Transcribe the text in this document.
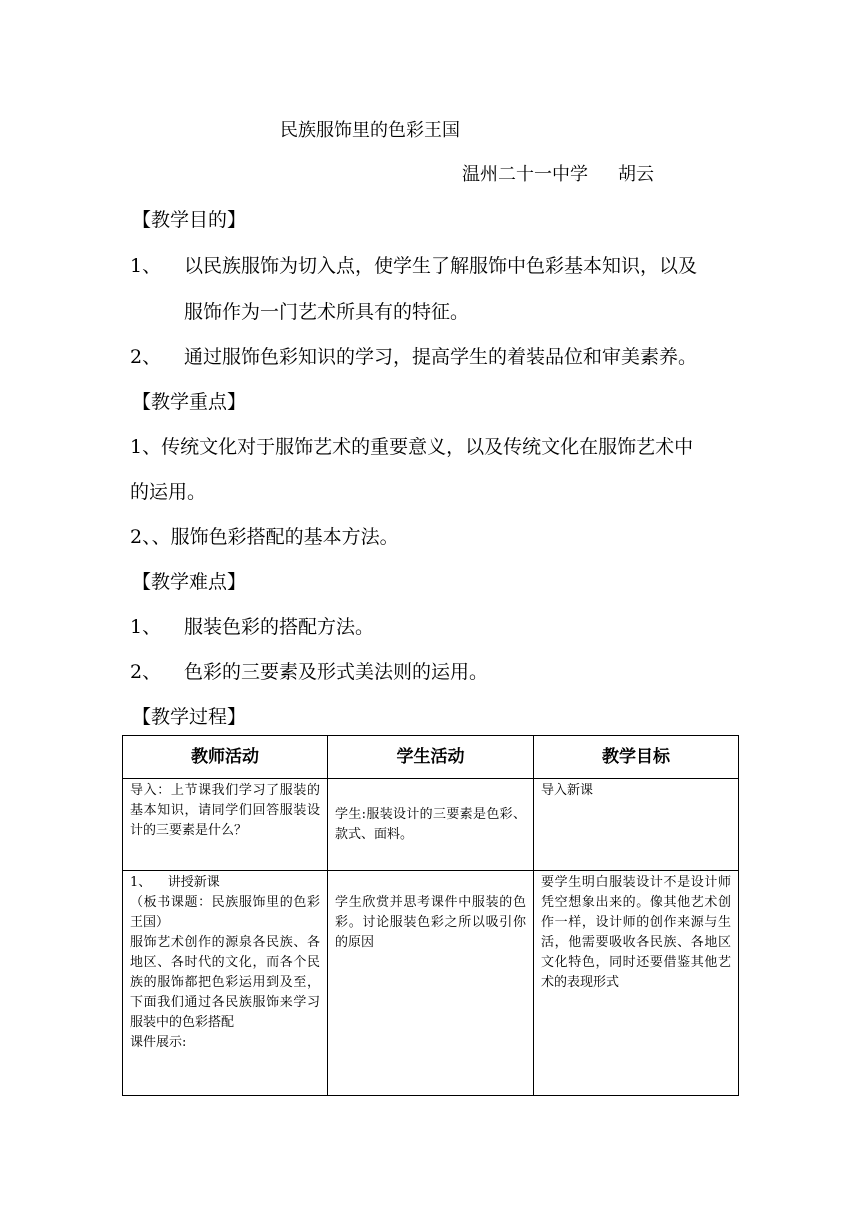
民族服饰里的色彩王国
温州二十一中学 胡云
【教学目的】
1、 以民族服饰为切入点，使学生了解服饰中色彩基本知识，以及
服饰作为一门艺术所具有的特征。
2、 通过服饰色彩知识的学习，提高学生的着装品位和审美素养。
【教学重点】
1、传统文化对于服饰艺术的重要意义，以及传统文化在服饰艺术中
的运用。
2、、服饰色彩搭配的基本方法。
【教学难点】
1、 服装色彩的搭配方法。
2、 色彩的三要素及形式美法则的运用。
【教学过程】
教师活动	学生活动	教学目标
导入：上节课我们学习了服装的基本知识，请同学们回答服装设计的三要素是什么？	学生:服装设计的三要素是色彩、款式、面料。	导入新课

1、    讲授新课
（板书课题：民族服饰里的色彩王国）
服饰艺术创作的源泉各民族、各地区、各时代的文化，而各个民族的服饰都把色彩运用到及至，下面我们通过各民族服饰来学习服装中的色彩搭配
课件展示:	学生欣赏并思考课件中服装的色彩。讨论服装色彩之所以吸引你的原因	要学生明白服装设计不是设计师凭空想象出来的。像其他艺术创作一样，设计师的创作来源与生活，他需要吸收各民族、各地区文化特色，同时还要借鉴其他艺术的表现形式
